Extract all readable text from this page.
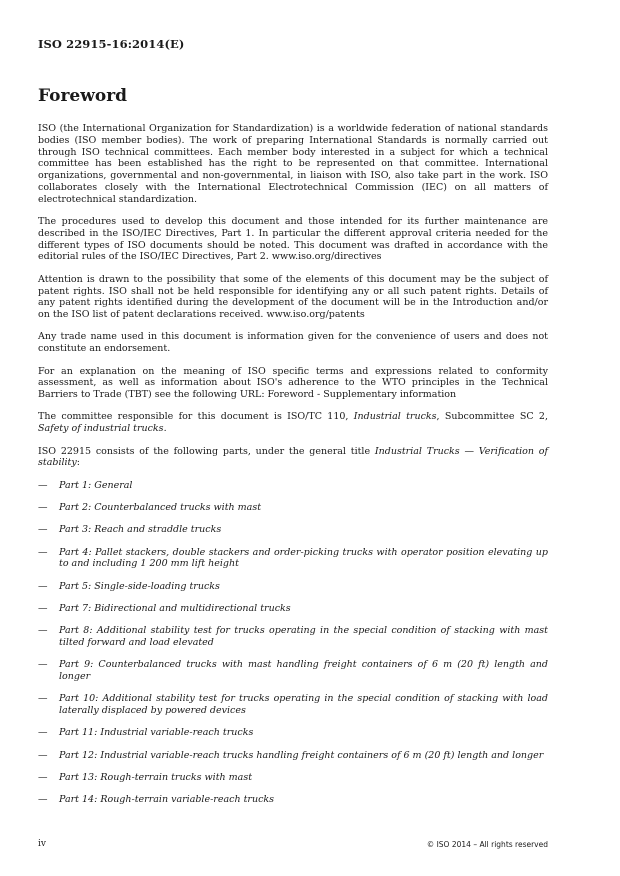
ISO 22915-16:2014(E)
Foreword

ISO (the International Organization for Standardization) is a worldwide federation of national standards bodies (ISO member bodies). The work of preparing International Standards is normally carried out through ISO technical committees. Each member body interested in a subject for which a technical committee has been established has the right to be represented on that committee. International organizations, governmental and non-governmental, in liaison with ISO, also take part in the work. ISO collaborates closely with the International Electrotechnical Commission (IEC) on all matters of electrotechnical standardization.

The procedures used to develop this document and those intended for its further maintenance are described in the ISO/IEC Directives, Part 1. In particular the different approval criteria needed for the different types of ISO documents should be noted. This document was drafted in accordance with the editorial rules of the ISO/IEC Directives, Part 2. www.iso.org/directives

Attention is drawn to the possibility that some of the elements of this document may be the subject of patent rights. ISO shall not be held responsible for identifying any or all such patent rights. Details of any patent rights identified during the development of the document will be in the Introduction and/or on the ISO list of patent declarations received. www.iso.org/patents

Any trade name used in this document is information given for the convenience of users and does not constitute an endorsement.

For an explanation on the meaning of ISO specific terms and expressions related to conformity assessment, as well as information about ISO's adherence to the WTO principles in the Technical Barriers to Trade (TBT) see the following URL: Foreword - Supplementary information

The committee responsible for this document is ISO/TC 110, Industrial trucks, Subcommittee SC 2, Safety of industrial trucks.

ISO 22915 consists of the following parts, under the general title Industrial Trucks — Verification of stability:

—	Part 1: General
—	Part 2: Counterbalanced trucks with mast
—	Part 3: Reach and straddle trucks
—	Part 4: Pallet stackers, double stackers and order-picking trucks with operator position elevating up to and including 1 200 mm lift height
—	Part 5: Single-side-loading trucks
—	Part 7: Bidirectional and multidirectional trucks
—	Part 8: Additional stability test for trucks operating in the special condition of stacking with mast tilted forward and load elevated
—	Part 9: Counterbalanced trucks with mast handling freight containers of 6 m (20 ft) length and longer
—	Part 10: Additional stability test for trucks operating in the special condition of stacking with load laterally displaced by powered devices
—	Part 11: Industrial variable-reach trucks
—	Part 12: Industrial variable-reach trucks handling freight containers of 6 m (20 ft) length and longer
—	Part 13: Rough-terrain trucks with mast
—	Part 14: Rough-terrain variable-reach trucks
iv	© ISO 2014 – All rights reserved
